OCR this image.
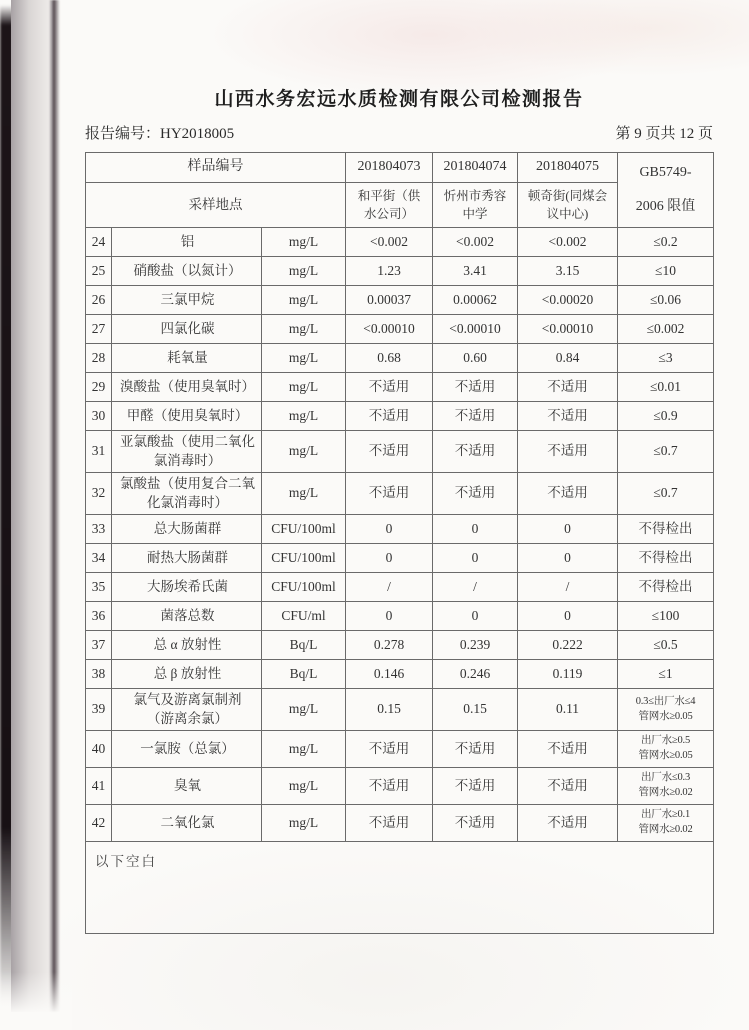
山西水务宏远水质检测有限公司检测报告
报告编号：HY2018005	第 9 页共 12 页
样品编号			201804073	201804074	201804075	GB5749-
2006 限值

采样地点			和平街（供水公司）	忻州市秀容中学	顿奇街(同煤会议中心)	
24	铝	mg/L	<0.002	<0.002	<0.002	≤0.2

25	硝酸盐（以氮计）	mg/L	1.23	3.41	3.15	≤10

26	三氯甲烷	mg/L	0.00037	0.00062	<0.00020	≤0.06

27	四氯化碳	mg/L	<0.00010	<0.00010	<0.00010	≤0.002

28	耗氧量	mg/L	0.68	0.60	0.84	≤3

29	溴酸盐（使用臭氧时）	mg/L	不适用	不适用	不适用	≤0.01

30	甲醛（使用臭氧时）	mg/L	不适用	不适用	不适用	≤0.9

31	亚氯酸盐（使用二氧化氯消毒时）	mg/L	不适用	不适用	不适用	≤0.7

32	氯酸盐（使用复合二氧化氯消毒时）	mg/L	不适用	不适用	不适用	≤0.7

33	总大肠菌群	CFU/100ml	0	0	0	不得检出

34	耐热大肠菌群	CFU/100ml	0	0	0	不得检出

35	大肠埃希氏菌	CFU/100ml	/	/	/	不得检出

36	菌落总数	CFU/ml	0	0	0	≤100

37	总 α 放射性	Bq/L	0.278	0.239	0.222	≤0.5

38	总 β 放射性	Bq/L	0.146	0.246	0.119	≤1

39	氯气及游离氯制剂 （游离余氯）	mg/L	0.15	0.15	0.11	0.3≤出厂水≤4
管网水≥0.05

40	一氯胺（总氯）	mg/L	不适用	不适用	不适用	出厂水≥0.5
管网水≥0.05

41	臭氧	mg/L	不适用	不适用	不适用	出厂水≤0.3
管网水≥0.02

42	二氧化氯	mg/L	不适用	不适用	不适用	出厂水≥0.1
管网水≥0.02

以下空白						
